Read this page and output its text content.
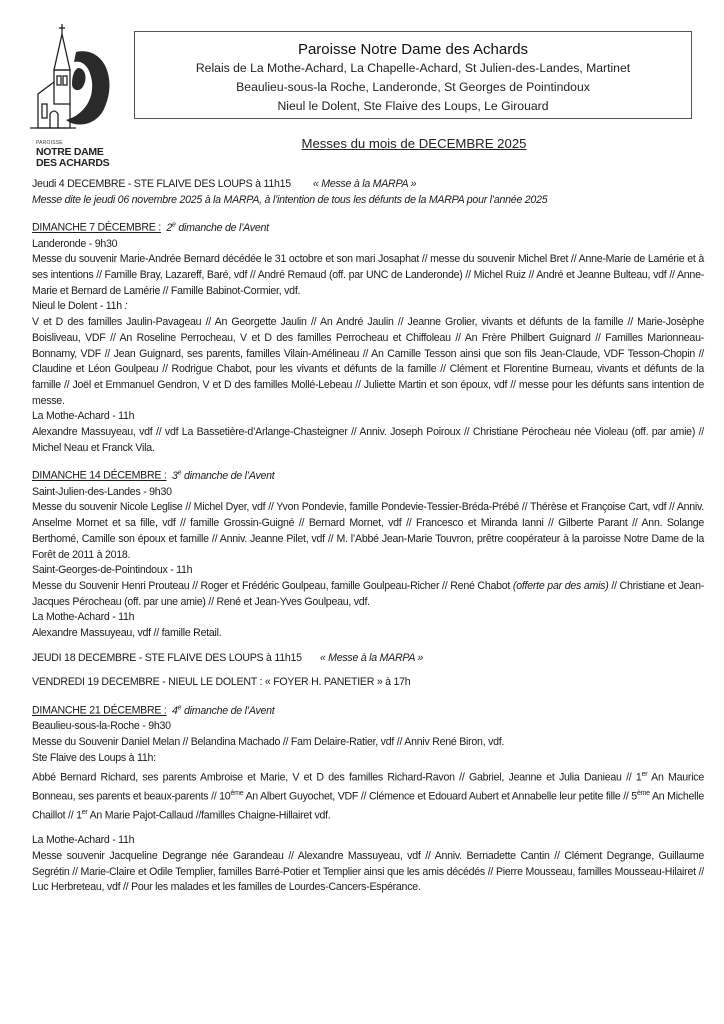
PAROISSE
NOTRE DAME
DES ACHARDS
Paroisse Notre Dame des Achards
Relais de La Mothe-Achard, La Chapelle-Achard, St Julien-des-Landes, Martinet
Beaulieu-sous-la Roche, Landeronde, St Georges de Pointindoux
Nieul le Dolent, Ste Flaive des Loups, Le Girouard
Messes du mois de DECEMBRE 2025

Jeudi 4 DECEMBRE - STE FLAIVE DES LOUPS à 11h15 « Messe à la MARPA »

Messe dite le jeudi 06 novembre 2025 à la MARPA, à l’intention de tous les défunts de la MARPA pour l’année 2025

DIMANCHE 7 DÉCEMBRE : 2e dimanche de l’Avent

Landeronde - 9h30

Messe du souvenir Marie-Andrée Bernard décédée le 31 octobre et son mari Josaphat // messe du souvenir Michel Bret // Anne-Marie de Lamérie et à ses intentions // Famille Bray, Lazareff, Baré, vdf // André Remaud (off. par UNC de Landeronde) // Michel Ruiz // André et Jeanne Bulteau, vdf // Anne-Marie et Bernard de Lamérie // Famille Babinot-Cormier, vdf.

Nieul le Dolent - 11h :

V et D des familles Jaulin-Pavageau // An Georgette Jaulin // An André Jaulin // Jeanne Grolier, vivants et défunts de la famille // Marie-Josèphe Boisliveau, VDF // An Roseline Perrocheau, V et D des familles Perrocheau et Chiffoleau // An Frère Philbert Guignard // Familles Marionneau-Bonnamy, VDF // Jean Guignard, ses parents, familles Vilain-Amélineau // An Camille Tesson ainsi que son fils Jean-Claude, VDF Tesson-Chopin // Claudine et Léon Goulpeau // Rodrigue Chabot, pour les vivants et défunts de la famille // Clément et Florentine Burneau, vivants et défunts de la famille // Joël et Emmanuel Gendron, V et D des familles Mollé-Lebeau // Juliette Martin et son époux, vdf // messe pour les défunts sans intention de messe.

La Mothe-Achard - 11h

Alexandre Massuyeau, vdf // vdf La Bassetière-d’Arlange-Chasteigner // Anniv. Joseph Poiroux // Christiane Pérocheau née Violeau (off. par amie) // Michel Neau et Franck Vila.

DIMANCHE 14 DÉCEMBRE : 3e dimanche de l’Avent

Saint-Julien-des-Landes - 9h30

Messe du souvenir Nicole Leglise // Michel Dyer, vdf // Yvon Pondevie, famille Pondevie-Tessier-Bréda-Prébé // Thérèse et Françoise Cart, vdf // Anniv. Anselme Mornet et sa fille, vdf // famille Grossin-Guigné // Bernard Mornet, vdf // Francesco et Miranda Ianni // Gilberte Parant // Ann. Solange Berthomé, Camille son époux et famille // Anniv. Jeanne Pilet, vdf // M. l’Abbé Jean-Marie Touvron, prêtre coopérateur à la paroisse Notre Dame de la Forêt de 2011 à 2018.

Saint-Georges-de-Pointindoux - 11h

Messe du Souvenir Henri Prouteau // Roger et Frédéric Goulpeau, famille Goulpeau-Richer // René Chabot (offerte par des amis) // Christiane et Jean-Jacques Pérocheau (off. par une amie) // René et Jean-Yves Goulpeau, vdf.

La Mothe-Achard - 11h

Alexandre Massuyeau, vdf // famille Retail.

JEUDI 18 DECEMBRE - STE FLAIVE DES LOUPS à 11h15 « Messe à la MARPA »

VENDREDI 19 DECEMBRE - NIEUL LE DOLENT : « FOYER H. PANETIER » à 17h

DIMANCHE 21 DÉCEMBRE : 4e dimanche de l’Avent

Beaulieu-sous-la-Roche - 9h30

Messe du Souvenir Daniel Melan // Belandina Machado // Fam Delaire-Ratier, vdf // Anniv René Biron, vdf.

Ste Flaive des Loups à 11h:

Abbé Bernard Richard, ses parents Ambroise et Marie, V et D des familles Richard-Ravon // Gabriel, Jeanne et Julia Danieau // 1er An Maurice Bonneau, ses parents et beaux-parents // 10ème An Albert Guyochet, VDF // Clémence et Edouard Aubert et Annabelle leur petite fille // 5ème An Michelle Chaillot // 1er An Marie Pajot-Callaud //familles Chaigne-Hillairet vdf.

La Mothe-Achard - 11h

Messe souvenir Jacqueline Degrange née Garandeau // Alexandre Massuyeau, vdf // Anniv. Bernadette Cantin // Clément Degrange, Guillaume Segrétin // Marie-Claire et Odile Templier, familles Barré-Potier et Templier ainsi que les amis décédés // Pierre Mousseau, familles Mousseau-Hilairet // Luc Herbreteau, vdf // Pour les malades et les familles de Lourdes-Cancers-Espérance.
